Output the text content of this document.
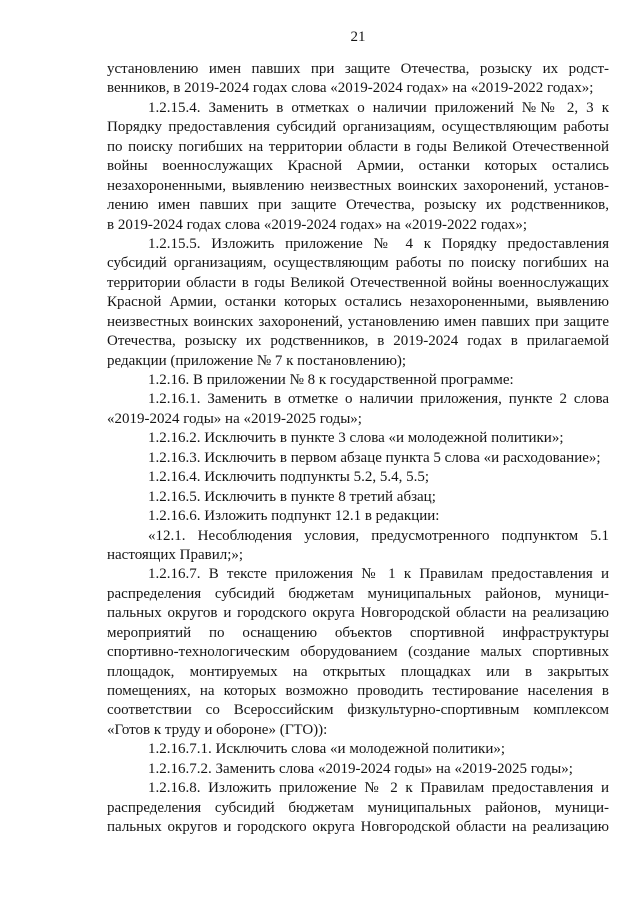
21
установлению имен павших при защите Отечества, розыску их родст-
венников, в 2019-2024 годах слова «2019-2024 годах» на «2019-2022 годах»;
1.2.15.4. Заменить в отметках о наличии приложений №№ 2, 3 к
Порядку предоставления субсидий организациям, осуществляющим работы
по поиску погибших на территории области в годы Великой Отечественной
войны военнослужащих Красной Армии, останки которых остались
незахороненными, выявлению неизвестных воинских захоронений, установ-
лению имен павших при защите Отечества, розыску их родственников,
в 2019-2024 годах слова «2019-2024 годах» на «2019-2022 годах»;
1.2.15.5. Изложить приложение № 4 к Порядку предоставления
субсидий организациям, осуществляющим работы по поиску погибших на
территории области в годы Великой Отечественной войны военнослужащих
Красной Армии, останки которых остались незахороненными, выявлению
неизвестных воинских захоронений, установлению имен павших при защите
Отечества, розыску их родственников, в 2019-2024 годах в прилагаемой
редакции (приложение № 7 к постановлению);
1.2.16. В приложении № 8 к государственной программе:
1.2.16.1. Заменить в отметке о наличии приложения, пункте 2 слова
«2019-2024 годы» на «2019-2025 годы»;
1.2.16.2. Исключить в пункте 3 слова «и молодежной политики»;
1.2.16.3. Исключить в первом абзаце пункта 5 слова «и расходование»;
1.2.16.4. Исключить подпункты 5.2, 5.4, 5.5;
1.2.16.5. Исключить в пункте 8 третий абзац;
1.2.16.6. Изложить подпункт 12.1 в редакции:
«12.1. Несоблюдения условия, предусмотренного подпунктом 5.1
настоящих Правил;»;
1.2.16.7. В тексте приложения № 1 к Правилам предоставления и
распределения субсидий бюджетам муниципальных районов, муници-
пальных округов и городского округа Новгородской области на реализацию
мероприятий по оснащению объектов спортивной инфраструктуры
спортивно-технологическим оборудованием (создание малых спортивных
площадок, монтируемых на открытых площадках или в закрытых
помещениях, на которых возможно проводить тестирование населения в
соответствии со Всероссийским физкультурно-спортивным комплексом
«Готов к труду и обороне» (ГТО)):
1.2.16.7.1. Исключить слова «и молодежной политики»;
1.2.16.7.2. Заменить слова «2019-2024 годы» на «2019-2025 годы»;
1.2.16.8. Изложить приложение № 2 к Правилам предоставления и
распределения субсидий бюджетам муниципальных районов, муници-
пальных округов и городского округа Новгородской области на реализацию
